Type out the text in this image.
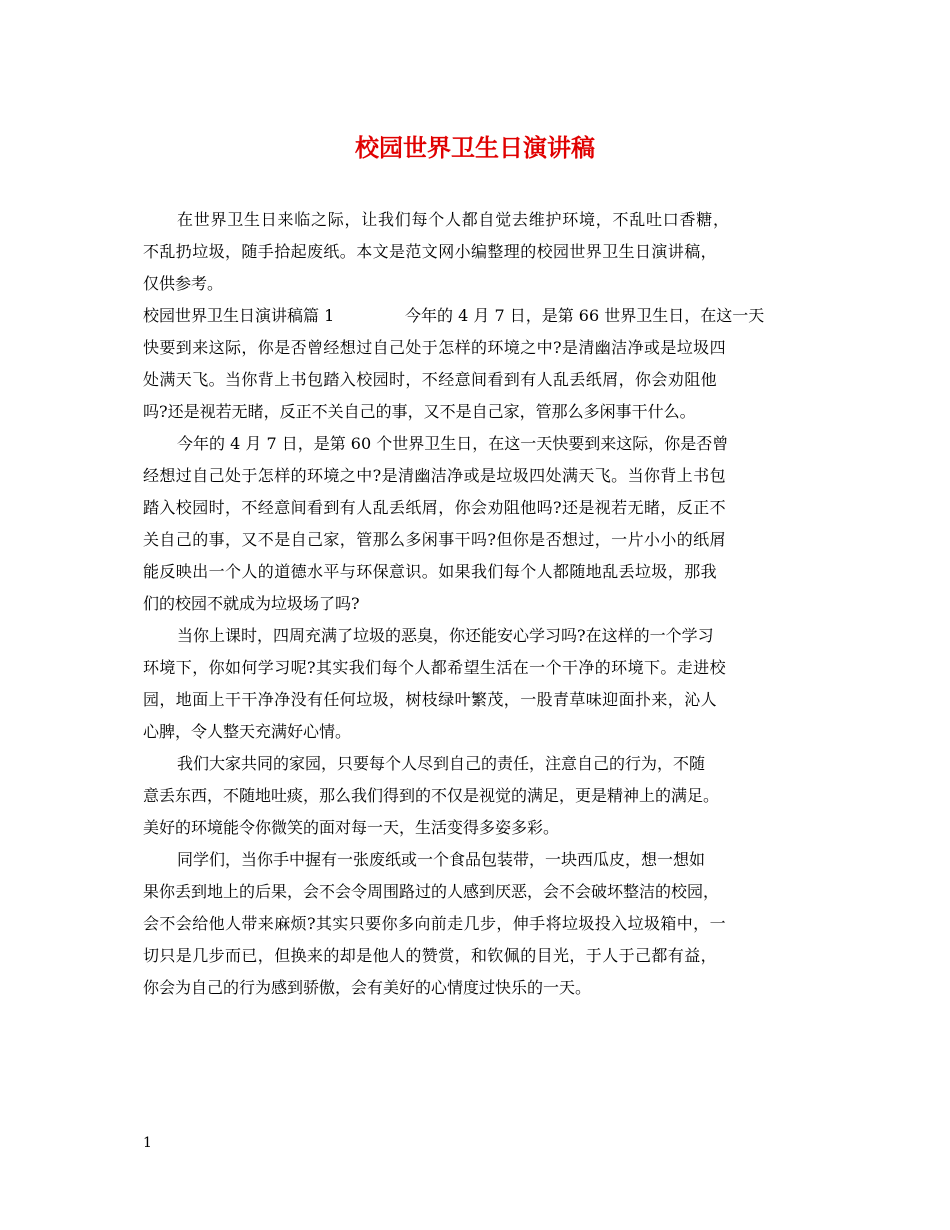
校园世界卫生日演讲稿
在世界卫生日来临之际，让我们每个人都自觉去维护环境，不乱吐口香糖，
不乱扔垃圾，随手拾起废纸。本文是范文网小编整理的校园世界卫生日演讲稿，
仅供参考。
校园世界卫生日演讲稿篇 1	今年的 4 月 7 日，是第 66 世界卫生日，在这一天
快要到来这际，你是否曾经想过自己处于怎样的环境之中?是清幽洁净或是垃圾四
处满天飞。当你背上书包踏入校园时，不经意间看到有人乱丢纸屑，你会劝阻他
吗?还是视若无睹，反正不关自己的事，又不是自己家，管那么多闲事干什么。
今年的 4 月 7 日，是第 60 个世界卫生日，在这一天快要到来这际，你是否曾
经想过自己处于怎样的环境之中?是清幽洁净或是垃圾四处满天飞。当你背上书包
踏入校园时，不经意间看到有人乱丢纸屑，你会劝阻他吗?还是视若无睹，反正不
关自己的事，又不是自己家，管那么多闲事干吗?但你是否想过，一片小小的纸屑
能反映出一个人的道德水平与环保意识。如果我们每个人都随地乱丢垃圾，那我
们的校园不就成为垃圾场了吗?
当你上课时，四周充满了垃圾的恶臭，你还能安心学习吗?在这样的一个学习
环境下，你如何学习呢?其实我们每个人都希望生活在一个干净的环境下。走进校
园，地面上干干净净没有任何垃圾，树枝绿叶繁茂，一股青草味迎面扑来，沁人
心脾，令人整天充满好心情。
我们大家共同的家园，只要每个人尽到自己的责任，注意自己的行为，不随
意丢东西，不随地吐痰，那么我们得到的不仅是视觉的满足，更是精神上的满足。
美好的环境能令你微笑的面对每一天，生活变得多姿多彩。
同学们，当你手中握有一张废纸或一个食品包装带，一块西瓜皮，想一想如
果你丢到地上的后果，会不会令周围路过的人感到厌恶，会不会破坏整洁的校园，
会不会给他人带来麻烦?其实只要你多向前走几步，伸手将垃圾投入垃圾箱中，一
切只是几步而已，但换来的却是他人的赞赏，和钦佩的目光，于人于己都有益，
你会为自己的行为感到骄傲，会有美好的心情度过快乐的一天。
1
